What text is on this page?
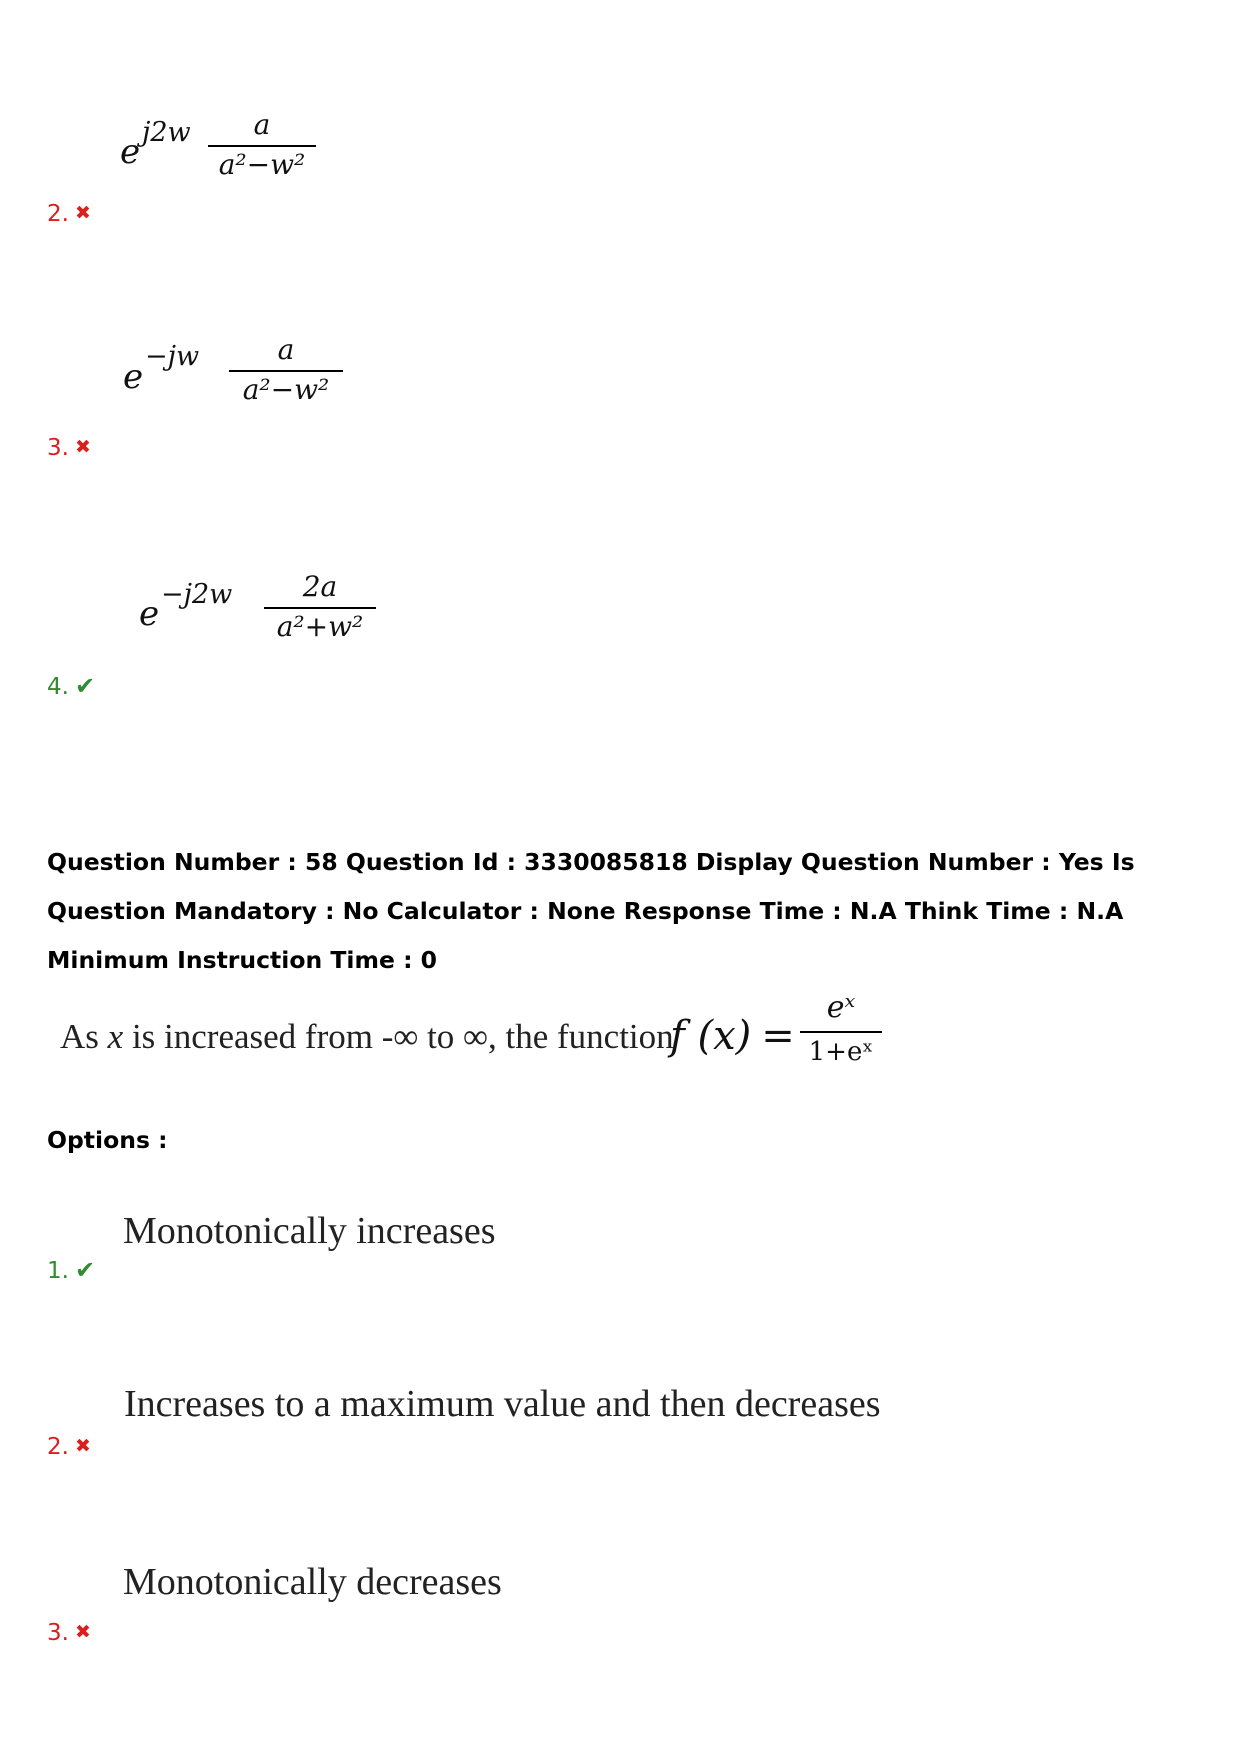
e j2w	a
a²−w²
2. ✖
e
−jw	a
a²−w²
3. ✖
e −j2w	2a
a²+w²
4. ✔
Question Number : 58 Question Id : 3330085818 Display Question Number : Yes Is Question Mandatory : No Calculator : None Response Time : N.A Think Time : N.A Minimum Instruction Time : 0
As x is increased from -∞ to ∞, the function
f (x) =
eˣ
1+eˣ
Options :
Monotonically increases
1. ✔
Increases to a maximum value and then decreases
2. ✖
Monotonically decreases
3. ✖
